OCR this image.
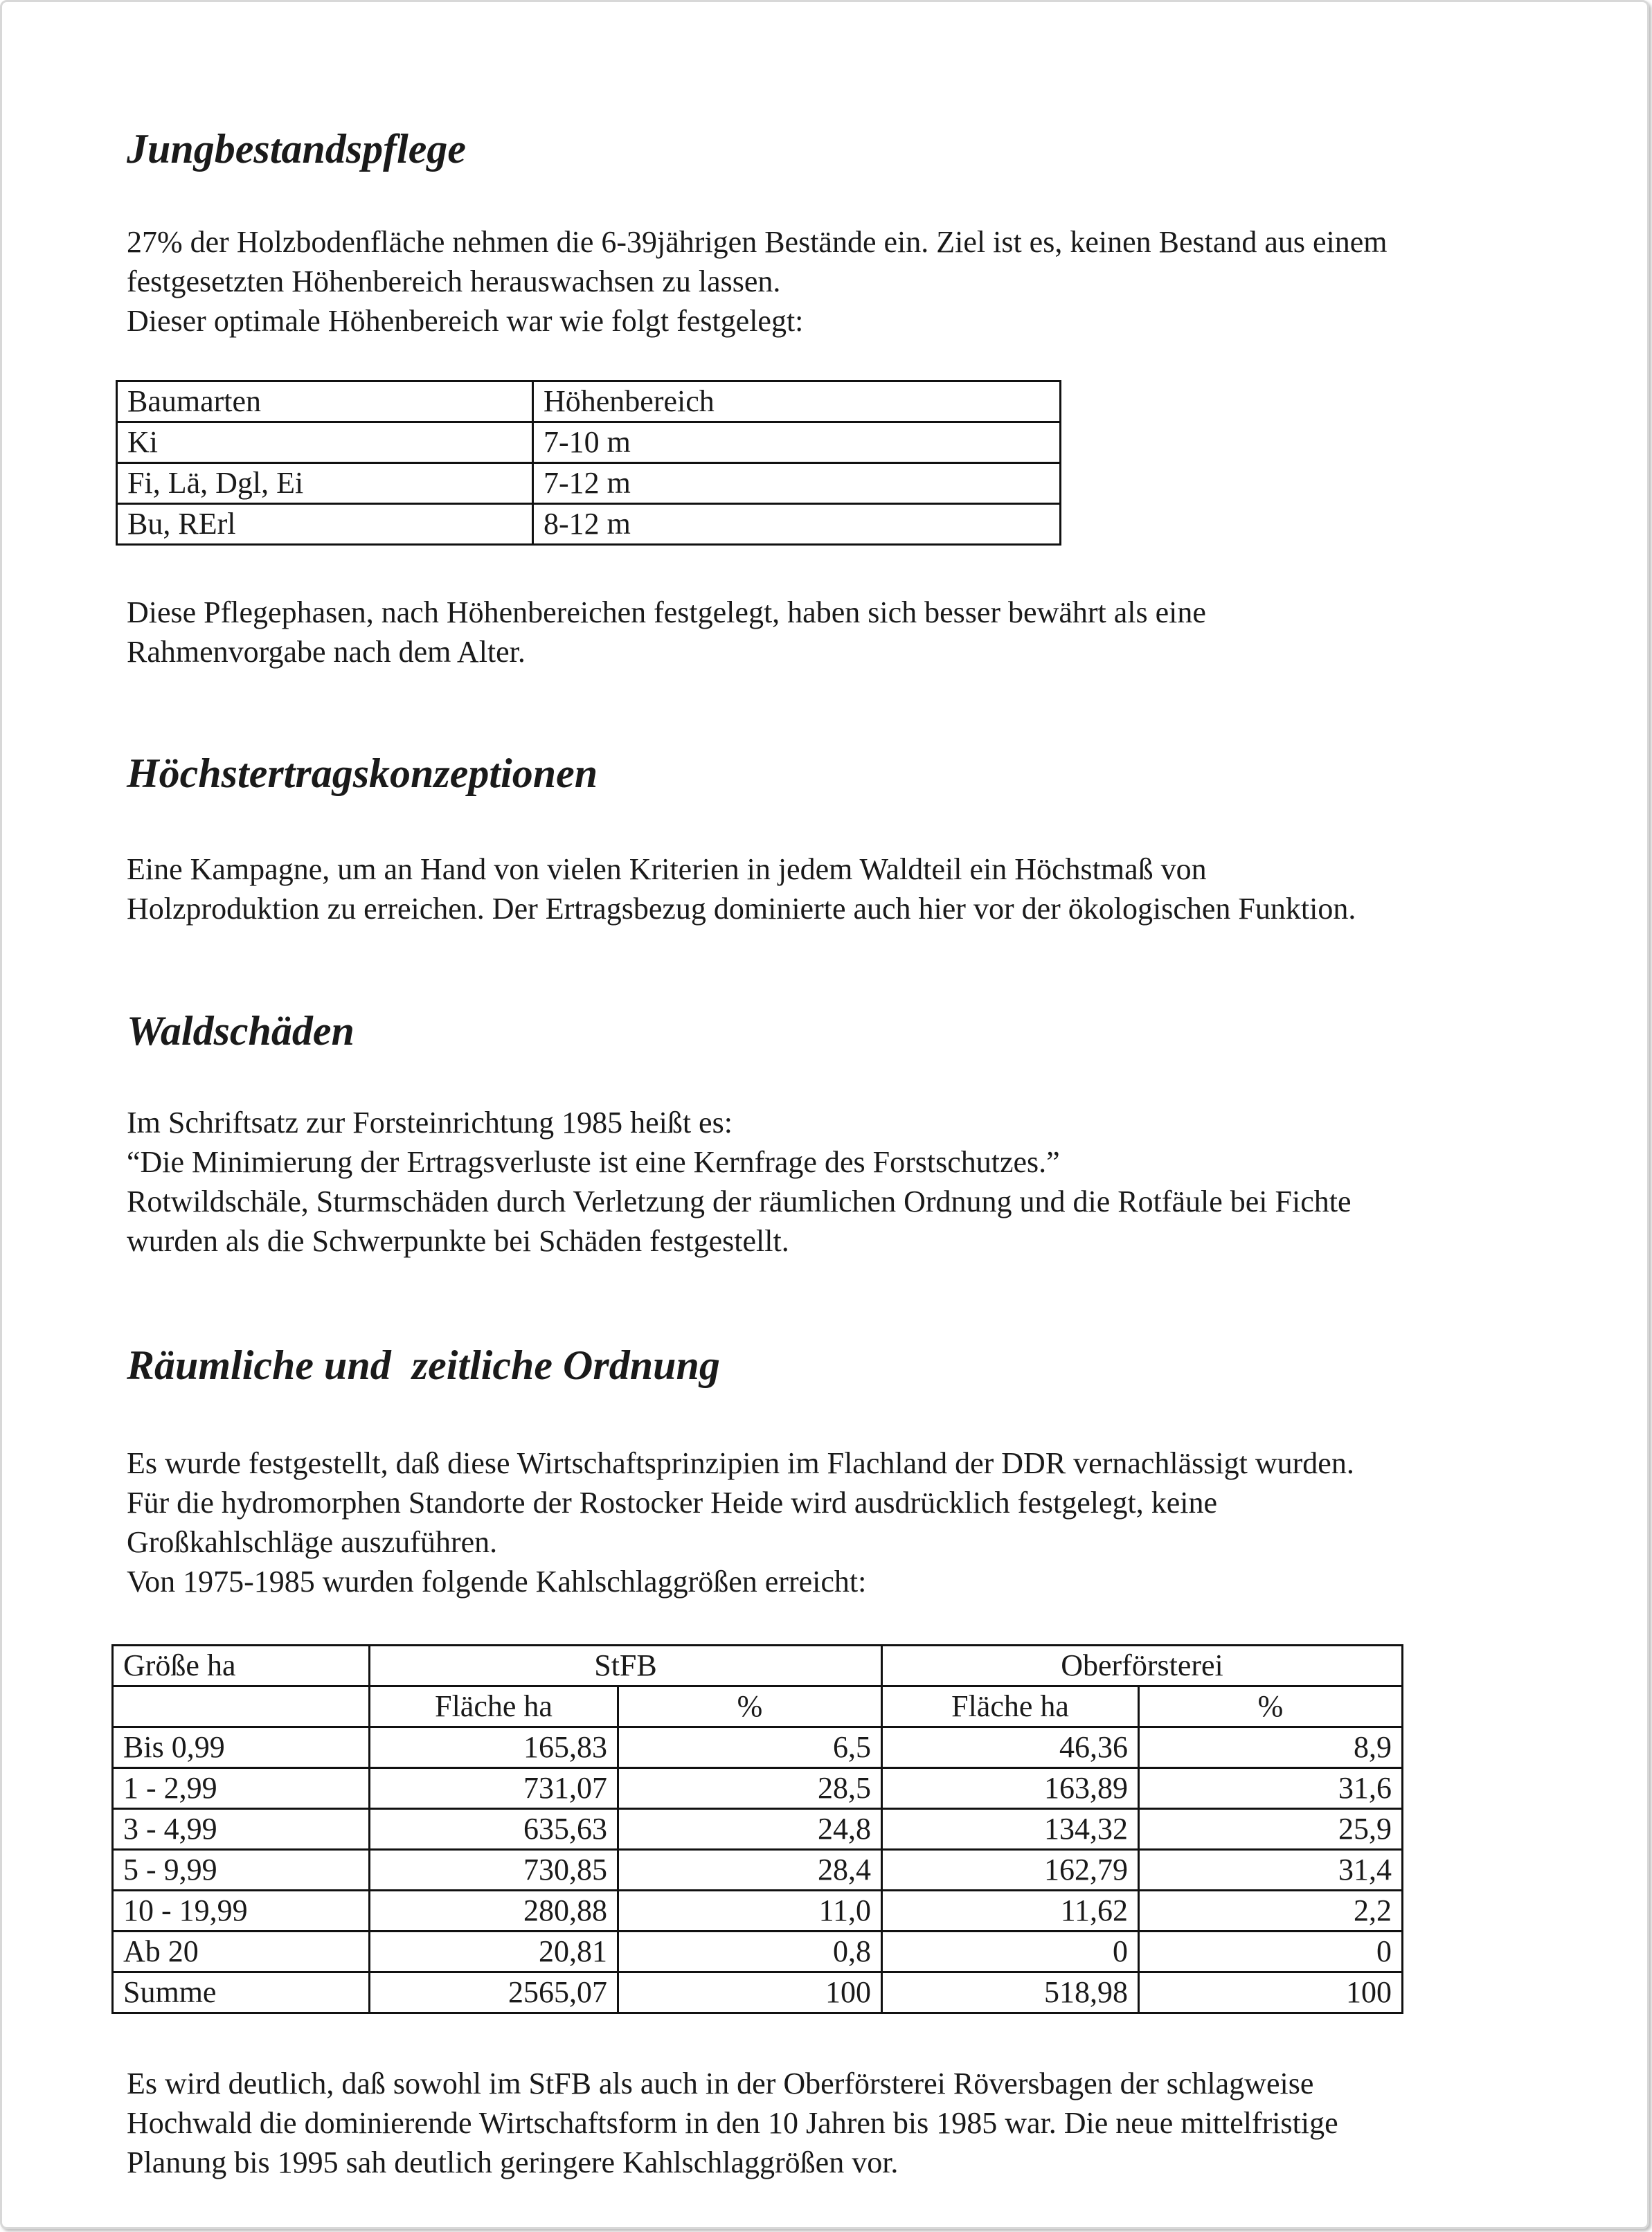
Jungbestandspflege
27% der Holzbodenfläche nehmen die 6-39jährigen Bestände ein. Ziel ist es, keinen Bestand aus einem
festgesetzten Höhenbereich herauswachsen zu lassen.
Dieser optimale Höhenbereich war wie folgt festgelegt:
Baumarten	Höhenbereich
Ki	7-10 m
Fi, Lä, Dgl, Ei	7-12 m
Bu, RErl	8-12 m
Diese Pflegephasen, nach Höhenbereichen festgelegt, haben sich besser bewährt als eine
Rahmenvorgabe nach dem Alter.
Höchstertragskonzeptionen
Eine Kampagne, um an Hand von vielen Kriterien in jedem Waldteil ein Höchstmaß von
Holzproduktion zu erreichen. Der Ertragsbezug dominierte auch hier vor der ökologischen Funktion.
Waldschäden
Im Schriftsatz zur Forsteinrichtung 1985 heißt es:
“Die Minimierung der Ertragsverluste ist eine Kernfrage des Forstschutzes.”
Rotwildschäle, Sturmschäden durch Verletzung der räumlichen Ordnung und die Rotfäule bei Fichte
wurden als die Schwerpunkte bei Schäden festgestellt.
Räumliche und  zeitliche Ordnung
Es wurde festgestellt, daß diese Wirtschaftsprinzipien im Flachland der DDR vernachlässigt wurden.
Für die hydromorphen Standorte der Rostocker Heide wird ausdrücklich festgelegt, keine
Großkahlschläge auszuführen.
Von 1975-1985 wurden folgende Kahlschlaggrößen erreicht:
Größe ha	StFB		Oberförsterei	
	Fläche ha	%	Fläche ha	%
Bis 0,99	165,83	6,5	46,36	8,9
1 - 2,99	731,07	28,5	163,89	31,6
3 - 4,99	635,63	24,8	134,32	25,9
5 - 9,99	730,85	28,4	162,79	31,4
10 - 19,99	280,88	11,0	11,62	2,2
Ab 20	20,81	0,8	0	0
Summe	2565,07	100	518,98	100
Es wird deutlich, daß sowohl im StFB als auch in der Oberförsterei Röversbagen der schlagweise
Hochwald die dominierende Wirtschaftsform in den 10 Jahren bis 1985 war. Die neue mittelfristige
Planung bis 1995 sah deutlich geringere Kahlschlaggrößen vor.
